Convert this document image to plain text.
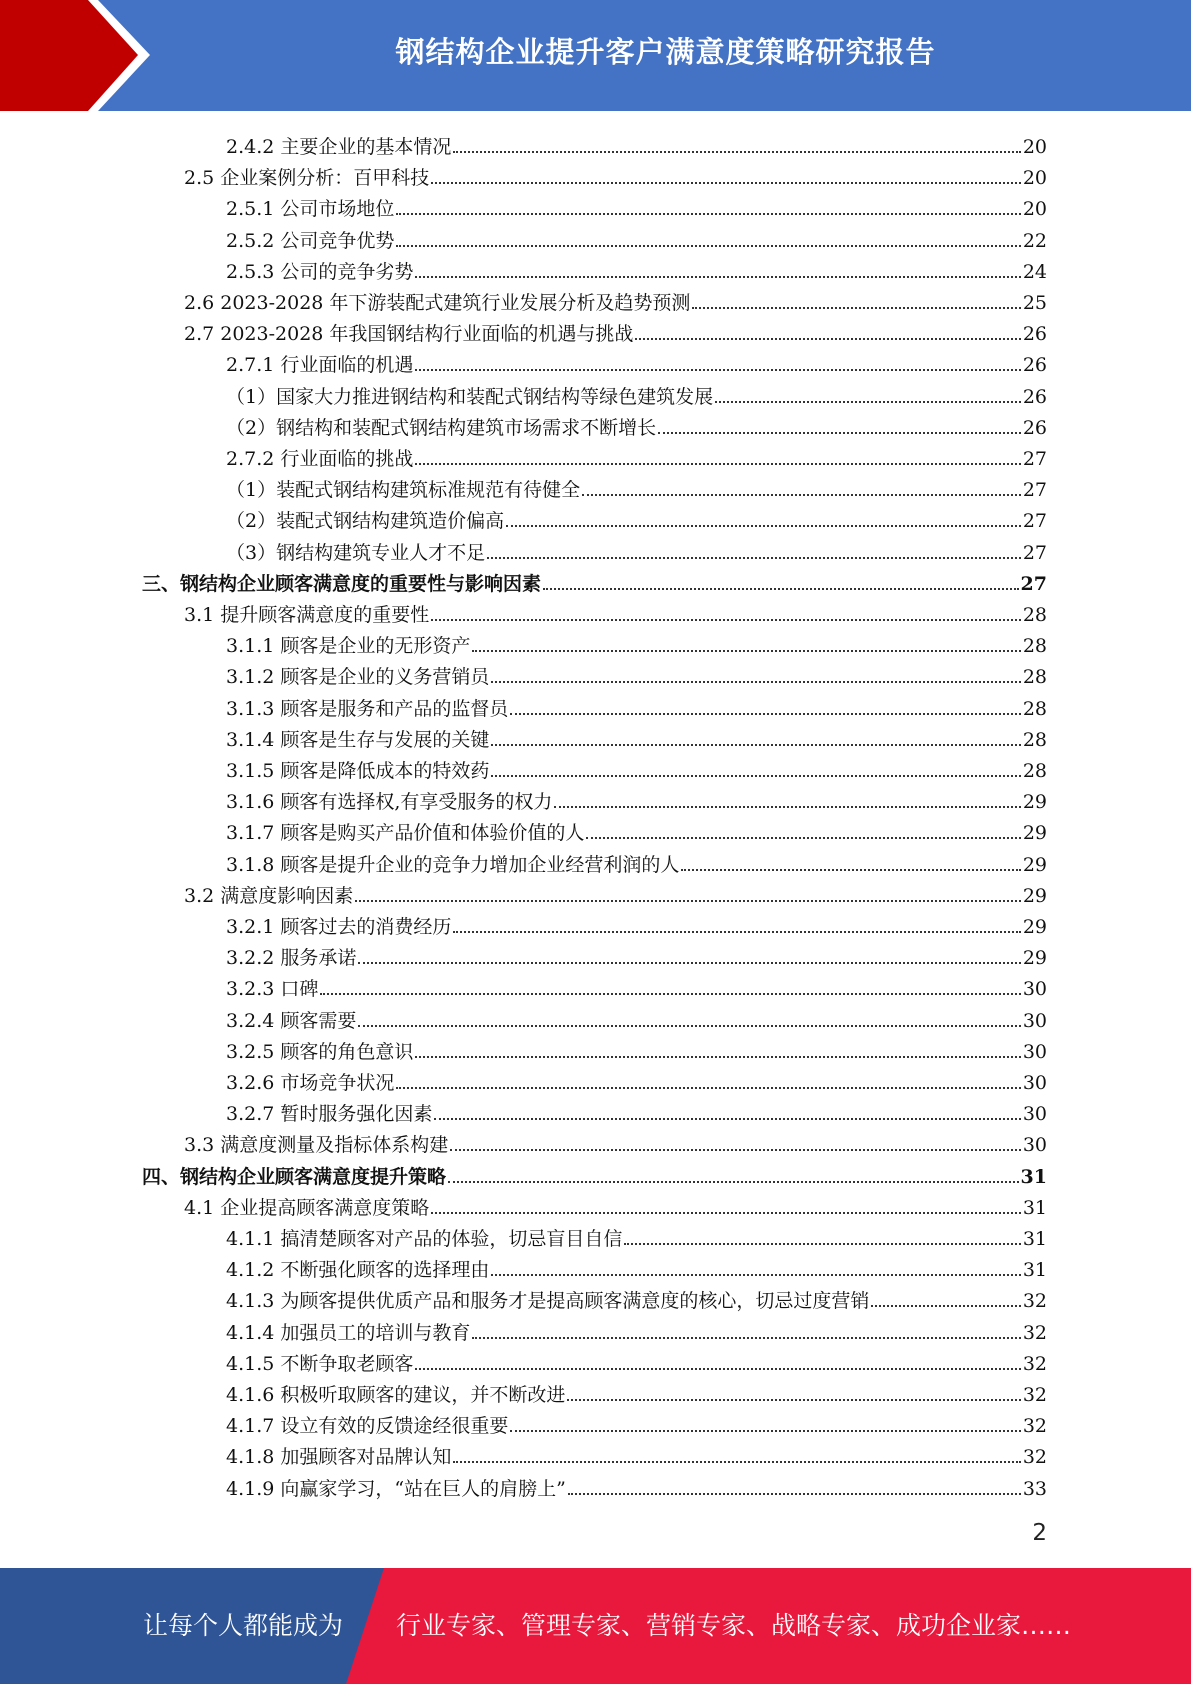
钢结构企业提升客户满意度策略研究报告
2.4.2 主要企业的基本情况	20
2.5 企业案例分析：百甲科技	20
2.5.1 公司市场地位	20
2.5.2 公司竞争优势	22
2.5.3 公司的竞争劣势	24
2.6 2023-2028 年下游装配式建筑行业发展分析及趋势预测	25
2.7 2023-2028 年我国钢结构行业面临的机遇与挑战	26
2.7.1 行业面临的机遇	26
（1）国家大力推进钢结构和装配式钢结构等绿色建筑发展	26
（2）钢结构和装配式钢结构建筑市场需求不断增长	26
2.7.2 行业面临的挑战	27
（1）装配式钢结构建筑标准规范有待健全	27
（2）装配式钢结构建筑造价偏高	27
（3）钢结构建筑专业人才不足	27
三、钢结构企业顾客满意度的重要性与影响因素	27
3.1 提升顾客满意度的重要性	28
3.1.1 顾客是企业的无形资产	28
3.1.2 顾客是企业的义务营销员	28
3.1.3 顾客是服务和产品的监督员	28
3.1.4 顾客是生存与发展的关键	28
3.1.5 顾客是降低成本的特效药	28
3.1.6 顾客有选择权,有享受服务的权力	29
3.1.7 顾客是购买产品价值和体验价值的人	29
3.1.8 顾客是提升企业的竞争力增加企业经营利润的人	29
3.2 满意度影响因素	29
3.2.1 顾客过去的消费经历	29
3.2.2 服务承诺	29
3.2.3 口碑	30
3.2.4 顾客需要	30
3.2.5 顾客的角色意识	30
3.2.6 市场竞争状况	30
3.2.7 暂时服务强化因素	30
3.3 满意度测量及指标体系构建	30
四、钢结构企业顾客满意度提升策略	31
4.1 企业提高顾客满意度策略	31
4.1.1 搞清楚顾客对产品的体验，切忌盲目自信	31
4.1.2 不断强化顾客的选择理由	31
4.1.3 为顾客提供优质产品和服务才是提高顾客满意度的核心，切忌过度营销	32
4.1.4 加强员工的培训与教育	32
4.1.5 不断争取老顾客	32
4.1.6 积极听取顾客的建议，并不断改进	32
4.1.7 设立有效的反馈途经很重要	32
4.1.8 加强顾客对品牌认知	32
4.1.9 向赢家学习，“站在巨人的肩膀上”	33
2
让每个人都能成为 行业专家、管理专家、营销专家、战略专家、成功企业家……
